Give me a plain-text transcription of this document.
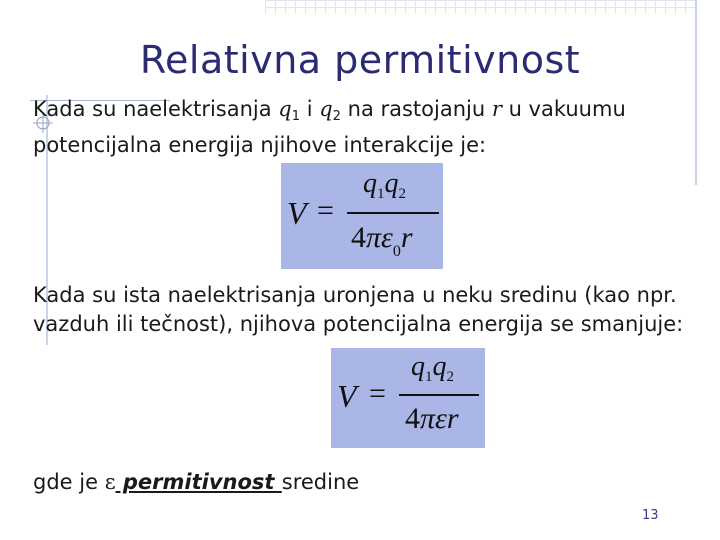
Relativna permitivnost
Kada su naelektrisanja $q_1$ i $q_2$ na rastojanju r u vakuumu potencijalna energija njihove interakcije je:
V =
$q_1q_2$
$4\pi\varepsilon_0r$
Kada su ista naelektrisanja uronjena u neku sredinu (kao npr. vazduh ili tečnost), njihova potencijalna energija se smanjuje:
V =
$q_1q_2$
4πεr
gde je ε permitivnost sredine
13
